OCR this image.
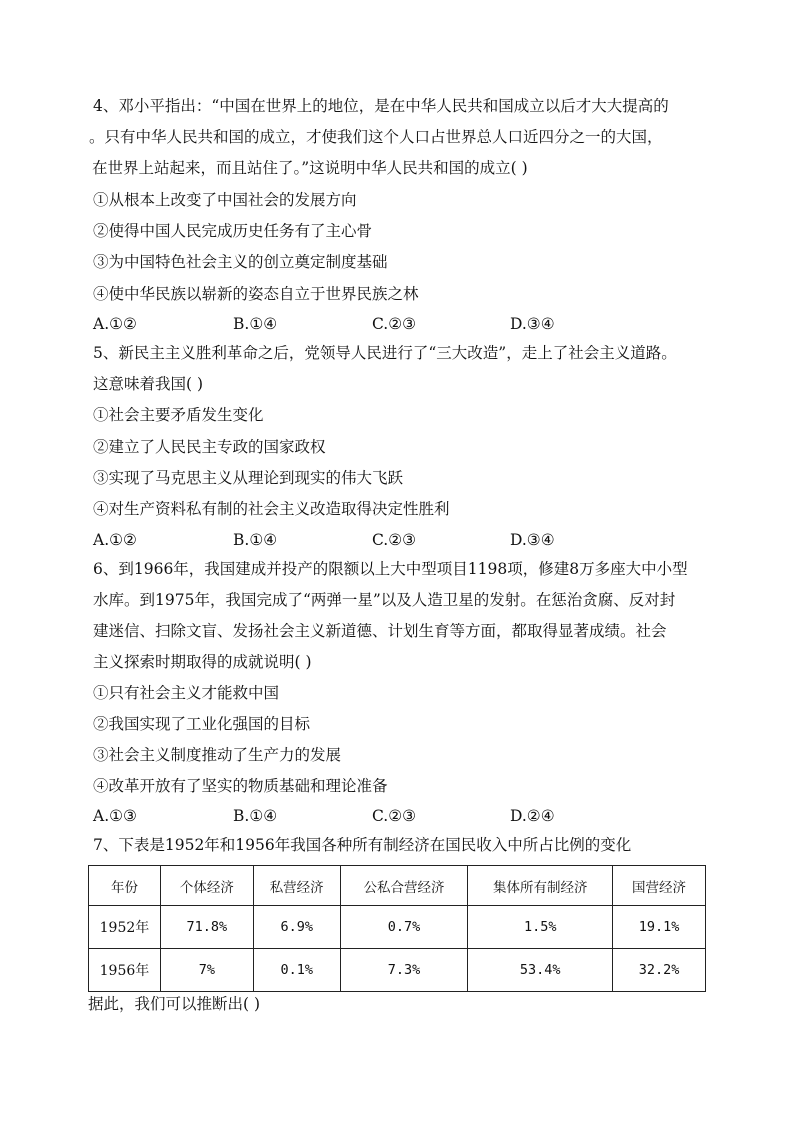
4、邓小平指出：“中国在世界上的地位，是在中华人民共和国成立以后才大大提高的
。只有中华人民共和国的成立，才使我们这个人口占世界总人口近四分之一的大国，
在世界上站起来，而且站住了。”这说明中华人民共和国的成立( )
①从根本上改变了中国社会的发展方向
②使得中国人民完成历史任务有了主心骨
③为中国特色社会主义的创立奠定制度基础
④使中华民族以崭新的姿态自立于世界民族之林
A.①②	B.①④	C.②③	D.③④
5、新民主主义胜利革命之后，党领导人民进行了“三大改造”，走上了社会主义道路。
这意味着我国( )
①社会主要矛盾发生变化
②建立了人民民主专政的国家政权
③实现了马克思主义从理论到现实的伟大飞跃
④对生产资料私有制的社会主义改造取得决定性胜利
A.①②	B.①④	C.②③	D.③④
6、到1966年，我国建成并投产的限额以上大中型项目1198项，修建8万多座大中小型
水库。到1975年，我国完成了“两弹一星”以及人造卫星的发射。在惩治贪腐、反对封
建迷信、扫除文盲、发扬社会主义新道德、计划生育等方面，都取得显著成绩。社会
主义探索时期取得的成就说明( )
①只有社会主义才能救中国
②我国实现了工业化强国的目标
③社会主义制度推动了生产力的发展
④改革开放有了坚实的物质基础和理论准备
A.①③	B.①④	C.②③	D.②④
7、下表是1952年和1956年我国各种所有制经济在国民收入中所占比例的变化
年份	个体经济	私营经济	公私合营经济	集体所有制经济	国营经济
1952年	71.8%	6.9%	0.7%	1.5%	19.1%
1956年	7%	0.1%	7.3%	53.4%	32.2%
据此，我们可以推断出( )
